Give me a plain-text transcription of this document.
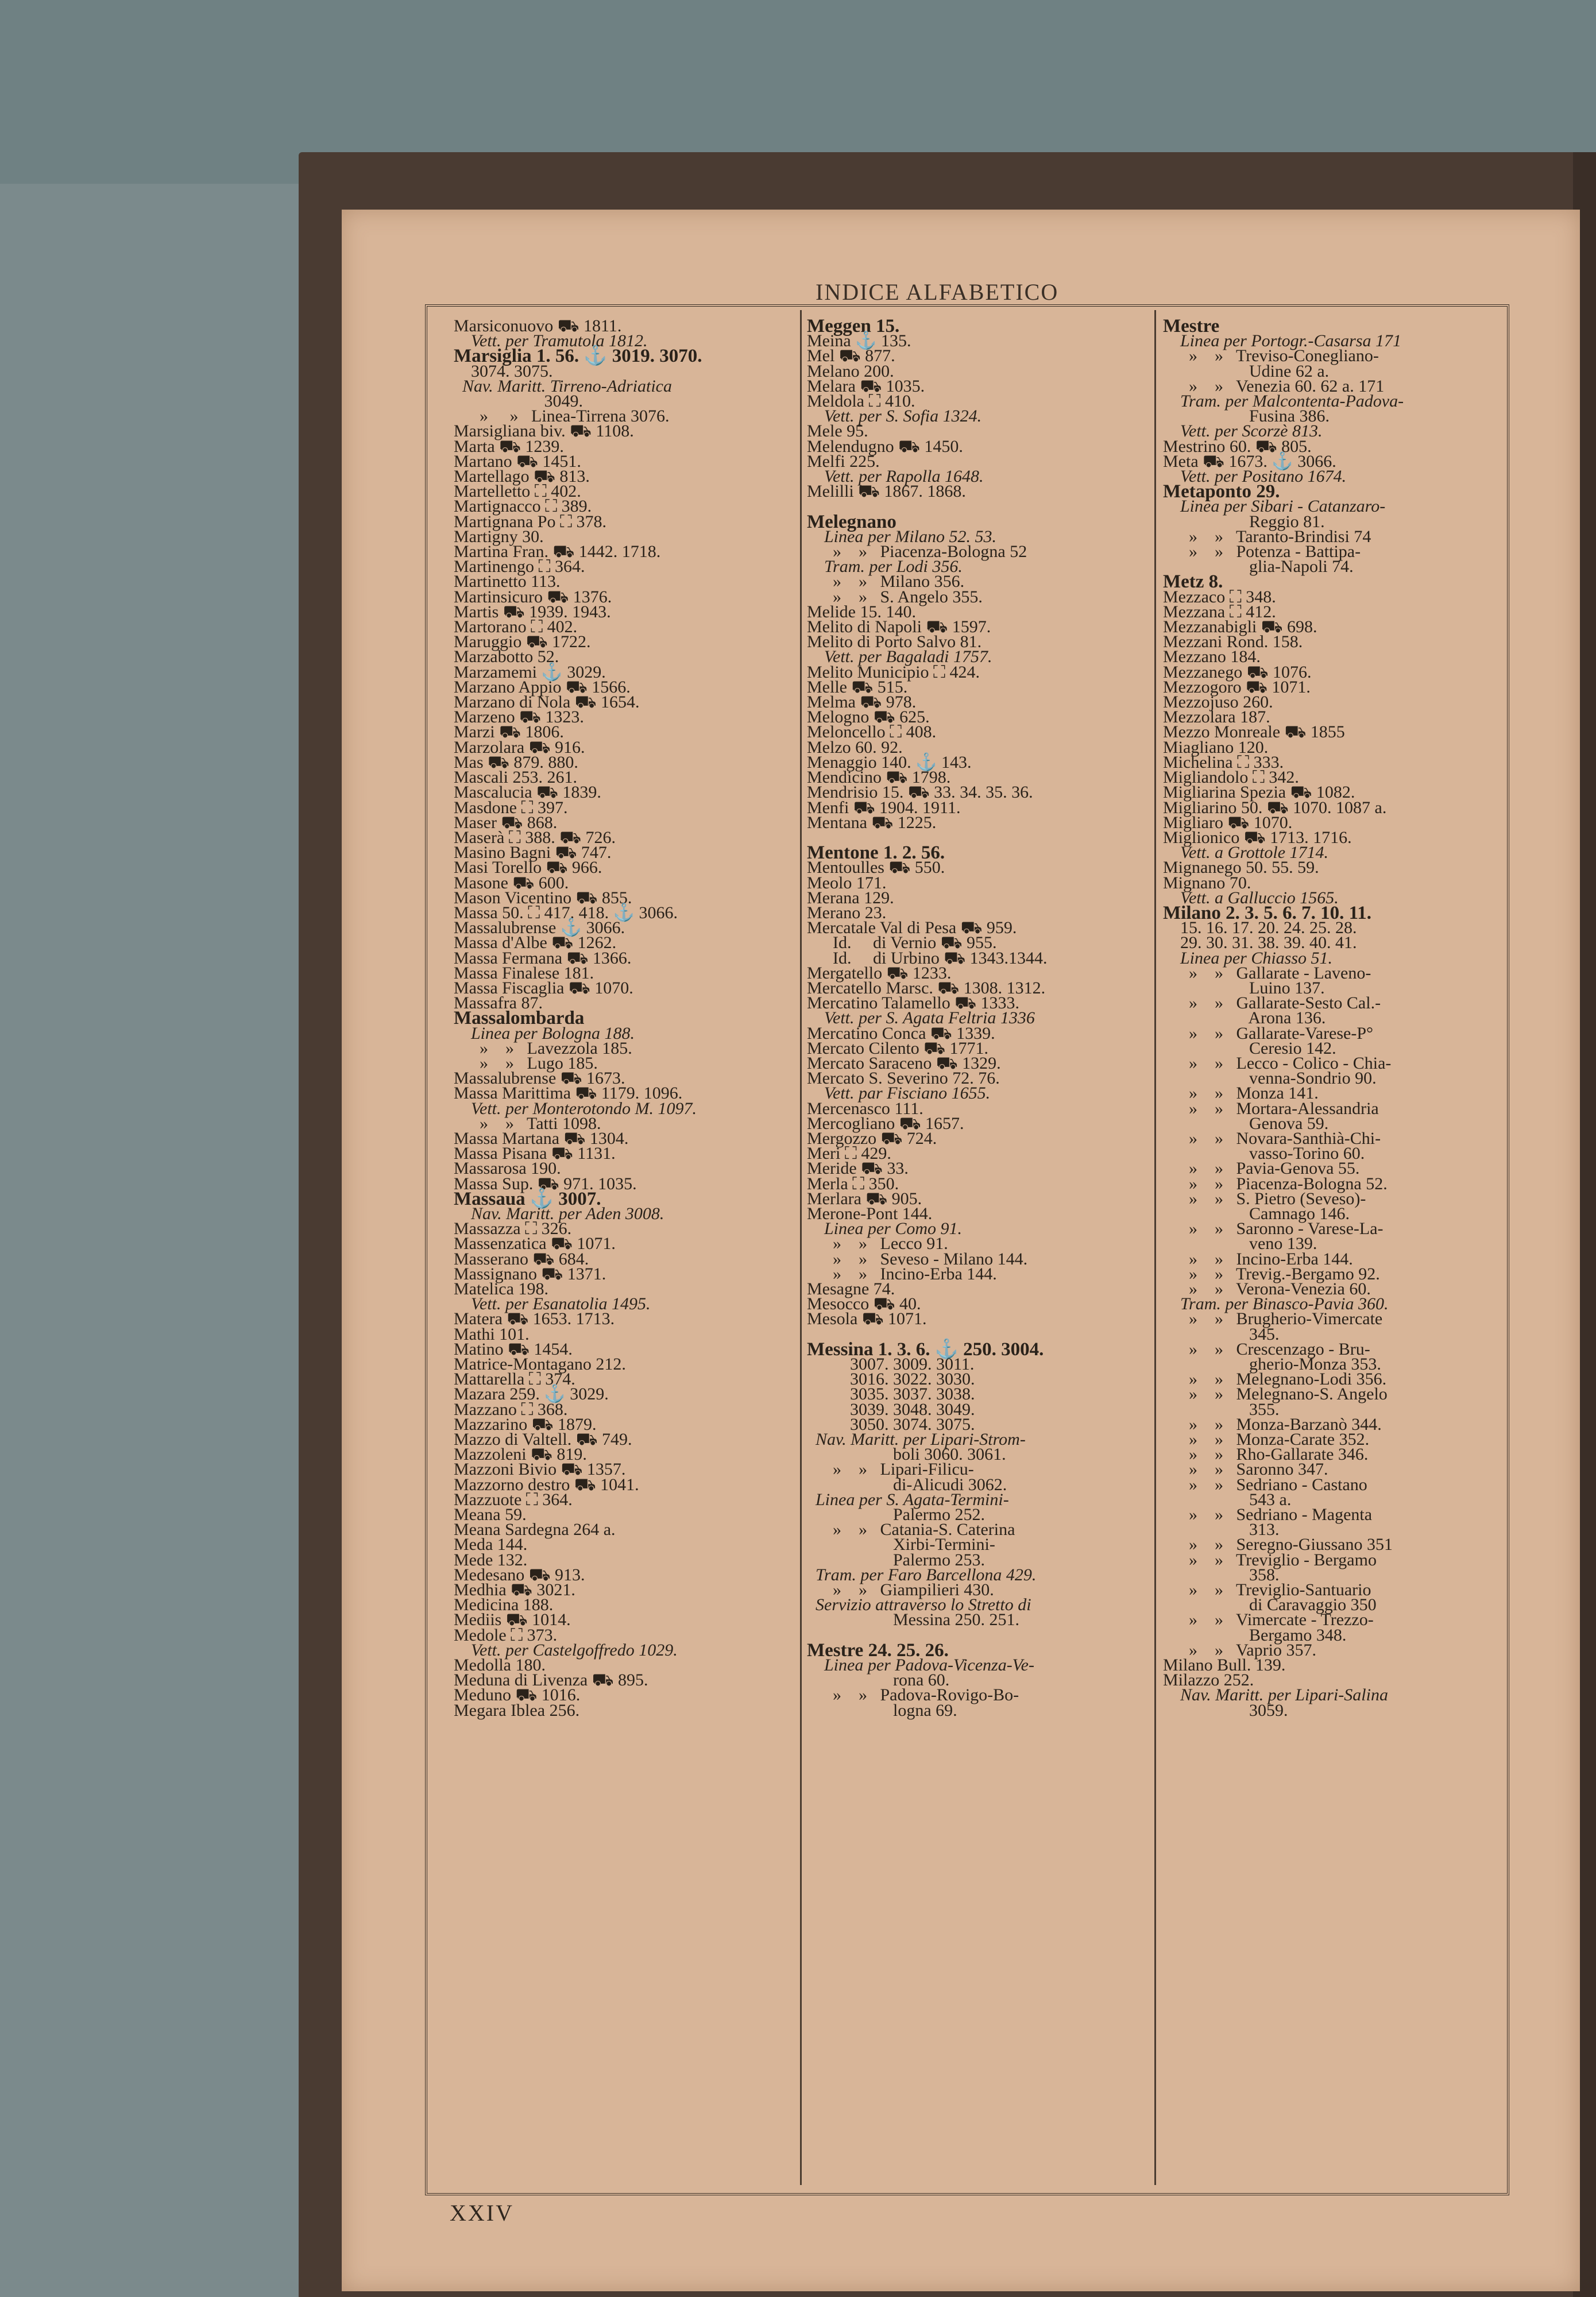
INDICE ALFABETICO
Marsiconuovo ⛟ 1811.
Vett. per Tramutola 1812.
Marsiglia 1. 56. ⚓ 3019. 3070.
3074. 3075.
Nav. Maritt. Tirreno-Adriatica
3049.
»     »   Linea-Tirrena 3076.
Marsigliana biv. ⛟ 1108.
Marta ⛟ 1239.
Martano ⛟ 1451.
Martellago ⛟ 813.
Martelletto ⛶ 402.
Martignacco ⛶ 389.
Martignana Po ⛶ 378.
Martigny 30.
Martina Fran. ⛟ 1442. 1718.
Martinengo ⛶ 364.
Martinetto 113.
Martinsicuro ⛟ 1376.
Martis ⛟ 1939. 1943.
Martorano ⛶ 402.
Maruggio ⛟ 1722.
Marzabotto 52.
Marzamemi ⚓ 3029.
Marzano Appio ⛟ 1566.
Marzano di Nola ⛟ 1654.
Marzeno ⛟ 1323.
Marzi ⛟ 1806.
Marzolara ⛟ 916.
Mas ⛟ 879. 880.
Mascali 253. 261.
Mascalucia ⛟ 1839.
Masdone ⛶ 397.
Maser ⛟ 868.
Maserà ⛶ 388. ⛟ 726.
Masino Bagni ⛟ 747.
Masi Torello ⛟ 966.
Masone ⛟ 600.
Mason Vicentino ⛟ 855.
Massa 50. ⛶ 417. 418. ⚓ 3066.
Massalubrense ⚓ 3066.
Massa d'Albe ⛟ 1262.
Massa Fermana ⛟ 1366.
Massa Finalese 181.
Massa Fiscaglia ⛟ 1070.
Massafra 87.
Massalombarda
Linea per Bologna 188.
»    »   Lavezzola 185.
»    »   Lugo 185.
Massalubrense ⛟ 1673.
Massa Marittima ⛟ 1179. 1096.
Vett. per Monterotondo M. 1097.
»    »   Tatti 1098.
Massa Martana ⛟ 1304.
Massa Pisana ⛟ 1131.
Massarosa 190.
Massa Sup. ⛟ 971. 1035.
Massaua ⚓ 3007.
Nav. Maritt. per Aden 3008.
Massazza ⛶ 326.
Massenzatica ⛟ 1071.
Masserano ⛟ 684.
Massignano ⛟ 1371.
Matelica 198.
Vett. per Esanatolia 1495.
Matera ⛟ 1653. 1713.
Mathi 101.
Matino ⛟ 1454.
Matrice-Montagano 212.
Mattarella ⛶ 374.
Mazara 259. ⚓ 3029.
Mazzano ⛶ 368.
Mazzarino ⛟ 1879.
Mazzo di Valtell. ⛟ 749.
Mazzoleni ⛟ 819.
Mazzoni Bivio ⛟ 1357.
Mazzorno destro ⛟ 1041.
Mazzuote ⛶ 364.
Meana 59.
Meana Sardegna 264 a.
Meda 144.
Mede 132.
Medesano ⛟ 913.
Medhia ⛟ 3021.
Medicina 188.
Mediis ⛟ 1014.
Medole ⛶ 373.
Vett. per Castelgoffredo 1029.
Medolla 180.
Meduna di Livenza ⛟ 895.
Meduno ⛟ 1016.
Megara Iblea 256.
Meggen 15.
Meina ⚓ 135.
Mel ⛟ 877.
Melano 200.
Melara ⛟ 1035.
Meldola ⛶ 410.
Vett. per S. Sofia 1324.
Mele 95.
Melendugno ⛟ 1450.
Melfi 225.
Vett. per Rapolla 1648.
Melilli ⛟ 1867. 1868.

Melegnano
Linea per Milano 52. 53.
»    »   Piacenza-Bologna 52
Tram. per Lodi 356.
»    »   Milano 356.
»    »   S. Angelo 355.
Melide 15. 140.
Melito di Napoli ⛟ 1597.
Melito di Porto Salvo 81.
Vett. per Bagaladi 1757.
Melito Municipio ⛶ 424.
Melle ⛟ 515.
Melma ⛟ 978.
Melogno ⛟ 625.
Meloncello ⛶ 408.
Melzo 60. 92.
Menaggio 140. ⚓ 143.
Mendicino ⛟ 1798.
Mendrisio 15. ⛟ 33. 34. 35. 36.
Menfi ⛟ 1904. 1911.
Mentana ⛟ 1225.

Mentone 1. 2. 56.
Mentoulles ⛟ 550.
Meolo 171.
Merana 129.
Merano 23.
Mercatale Val di Pesa ⛟ 959.
Id.     di Vernio ⛟ 955.
Id.     di Urbino ⛟ 1343.1344.
Mergatello ⛟ 1233.
Mercatello Marsc. ⛟ 1308. 1312.
Mercatino Talamello ⛟ 1333.
Vett. per S. Agata Feltria 1336
Mercatino Conca ⛟ 1339.
Mercato Cilento ⛟ 1771.
Mercato Saraceno ⛟ 1329.
Mercato S. Severino 72. 76.
Vett. par Fisciano 1655.
Mercenasco 111.
Mercogliano ⛟ 1657.
Mergozzo ⛟ 724.
Meri ⛶ 429.
Meride ⛟ 33.
Merla ⛶ 350.
Merlara ⛟ 905.
Merone-Pont 144.
Linea per Como 91.
»    »   Lecco 91.
»    »   Seveso - Milano 144.
»    »   Incino-Erba 144.
Mesagne 74.
Mesocco ⛟ 40.
Mesola ⛟ 1071.

Messina 1. 3. 6. ⚓ 250. 3004.
3007. 3009. 3011.
3016. 3022. 3030.
3035. 3037. 3038.
3039. 3048. 3049.
3050. 3074. 3075.
Nav. Maritt. per Lipari-Strom-
boli 3060. 3061.
»    »   Lipari-Filicu-
di-Alicudi 3062.
Linea per S. Agata-Termini-
Palermo 252.
»    »   Catania-S. Caterina
Xirbi-Termini-
Palermo 253.
Tram. per Faro Barcellona 429.
»    »   Giampilieri 430.
Servizio attraverso lo Stretto di
Messina 250. 251.

Mestre 24. 25. 26.
Linea per Padova-Vicenza-Ve-
rona 60.
»    »   Padova-Rovigo-Bo-
logna 69.
Mestre
Linea per Portogr.-Casarsa 171
»    »   Treviso-Conegliano-
Udine 62 a.
»    »   Venezia 60. 62 a. 171
Tram. per Malcontenta-Padova-
Fusina 386.
Vett. per Scorzè 813.
Mestrino 60. ⛟ 805.
Meta ⛟ 1673. ⚓ 3066.
Vett. per Positano 1674.
Metaponto 29.
Linea per Sibari - Catanzaro-
Reggio 81.
»    »   Taranto-Brindisi 74
»    »   Potenza - Battipa-
glia-Napoli 74.
Metz 8.
Mezzaco ⛶ 348.
Mezzana ⛶ 412.
Mezzanabigli ⛟ 698.
Mezzani Rond. 158.
Mezzano 184.
Mezzanego ⛟ 1076.
Mezzogoro ⛟ 1071.
Mezzojuso 260.
Mezzolara 187.
Mezzo Monreale ⛟ 1855
Miagliano 120.
Michelina ⛶ 333.
Migliandolo ⛶ 342.
Migliarina Spezia ⛟ 1082.
Migliarino 50. ⛟ 1070. 1087 a.
Migliaro ⛟ 1070.
Miglionico ⛟ 1713. 1716.
Vett. a Grottole 1714.
Mignanego 50. 55. 59.
Mignano 70.
Vett. a Galluccio 1565.
Milano 2. 3. 5. 6. 7. 10. 11.
15. 16. 17. 20. 24. 25. 28.
29. 30. 31. 38. 39. 40. 41.
Linea per Chiasso 51.
»    »   Gallarate - Laveno-
Luino 137.
»    »   Gallarate-Sesto Cal.-
Arona 136.
»    »   Gallarate-Varese-P°
Ceresio 142.
»    »   Lecco - Colico - Chia-
venna-Sondrio 90.
»    »   Monza 141.
»    »   Mortara-Alessandria
Genova 59.
»    »   Novara-Santhià-Chi-
vasso-Torino 60.
»    »   Pavia-Genova 55.
»    »   Piacenza-Bologna 52.
»    »   S. Pietro (Seveso)-
Camnago 146.
»    »   Saronno - Varese-La-
veno 139.
»    »   Incino-Erba 144.
»    »   Trevig.-Bergamo 92.
»    »   Verona-Venezia 60.
Tram. per Binasco-Pavia 360.
»    »   Brugherio-Vimercate
345.
»    »   Crescenzago - Bru-
gherio-Monza 353.
»    »   Melegnano-Lodi 356.
»    »   Melegnano-S. Angelo
355.
»    »   Monza-Barzanò 344.
»    »   Monza-Carate 352.
»    »   Rho-Gallarate 346.
»    »   Saronno 347.
»    »   Sedriano - Castano
543 a.
»    »   Sedriano - Magenta
313.
»    »   Seregno-Giussano 351
»    »   Treviglio - Bergamo
358.
»    »   Treviglio-Santuario
di Caravaggio 350
»    »   Vimercate - Trezzo-
Bergamo 348.
»    »   Vaprio 357.
Milano Bull. 139.
Milazzo 252.
Nav. Maritt. per Lipari-Salina
3059.
XXIV
